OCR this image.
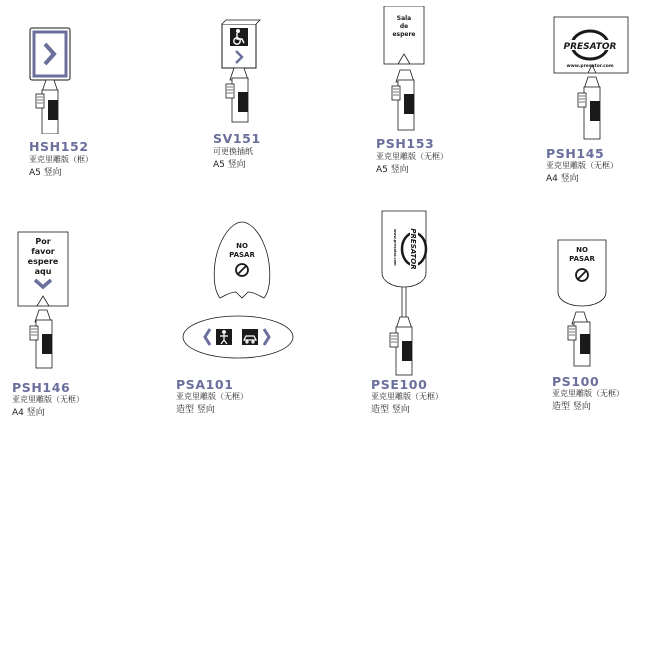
HSH152
亚克里雕版（框）
A5 竖向
SV151
可更换插纸
A5 竖向
Sala
de
espere
PSH153
亚克里雕版（无框）
A5 竖向
PRESATOR
www.presator.com
PSH145
亚克里雕版（无框）
A4 竖向
Por
favor
espere
aqu
PSH146
亚克里雕版（无框）
A4 竖向
NO
PASAR
PSA101
亚克里雕版（无框）
造型 竖向
PRESATOR
www.presator.com
PSE100
亚克里雕版（无框）
造型 竖向
NO
PASAR
PS100
亚克里雕版（无框）
造型 竖向
